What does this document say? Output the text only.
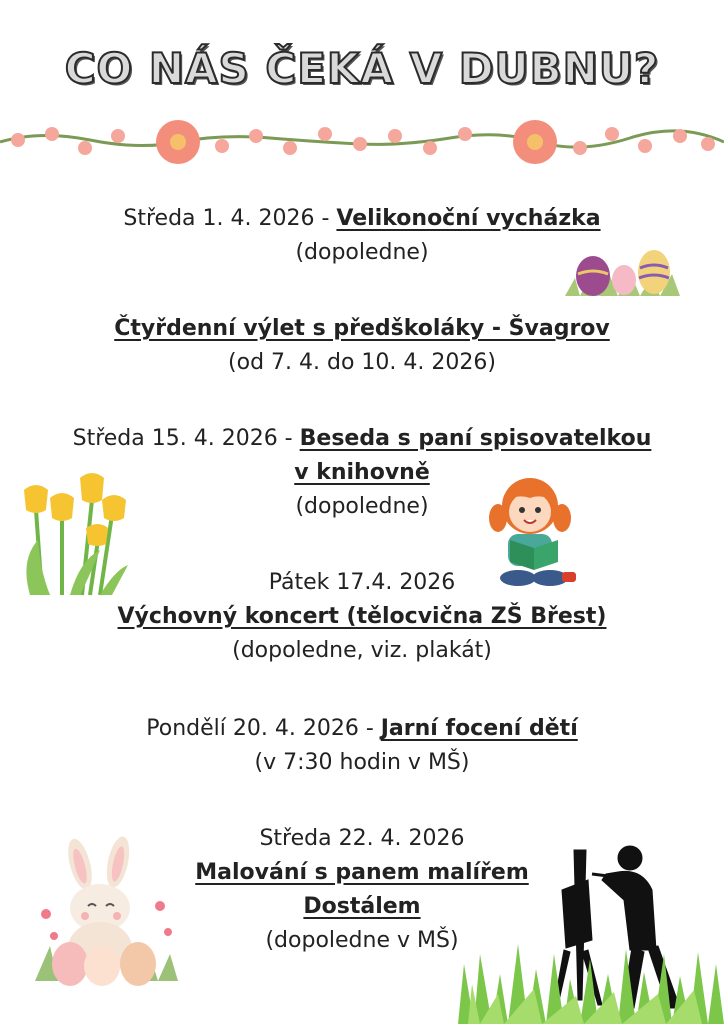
CO NÁS ČEKÁ V DUBNU?
Středa 1. 4. 2026 - Velikonoční vycházka
(dopoledne)
Čtyřdenní výlet s předškoláky - Švagrov
(od 7. 4. do 10. 4. 2026)
Středa 15. 4. 2026 - Beseda s paní spisovatelkou
v knihovně
(dopoledne)
Pátek 17.4. 2026
Výchovný koncert (tělocvična ZŠ Břest)
(dopoledne, viz. plakát)
Pondělí 20. 4. 2026 - Jarní focení dětí
(v 7:30 hodin v MŠ)
Středa 22. 4. 2026
Malování s panem malířem
Dostálem
(dopoledne v MŠ)
